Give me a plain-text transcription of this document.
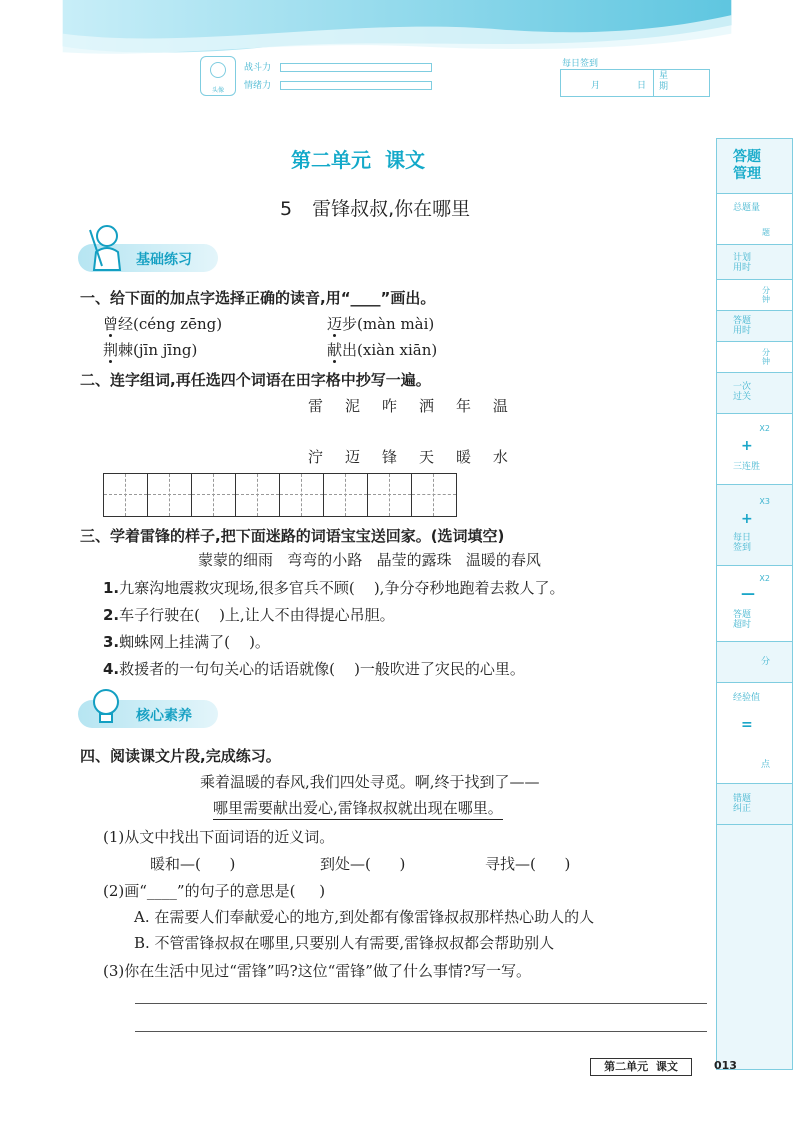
头像
战斗力
情绪力
每日签到
月	日
星期
第二单元  课文
5 雷锋叔叔,你在哪里
基础练习
一、给下面的加点字选择正确的读音,用“____”画出。
曾经(céng zēng)	迈步(màn mài)
荆棘(jīn jīng)	献出(xiàn xiān)
二、连字组词,再任选四个词语在田字格中抄写一遍。
雷 泥 咋 洒 年 温
泞 迈 锋 天 暖 水
三、学着雷锋的样子,把下面迷路的词语宝宝送回家。(选词填空)
蒙蒙的细雨   弯弯的小路   晶莹的露珠   温暖的春风
1.九寨沟地震救灾现场,很多官兵不顾(    ),争分夺秒地跑着去救人了。
2.车子行驶在(    )上,让人不由得提心吊胆。
3.蜘蛛网上挂满了(    )。
4.救援者的一句句关心的话语就像(    )一般吹进了灾民的心里。
核心素养
四、阅读课文片段,完成练习。
乘着温暖的春风,我们四处寻觅。啊,终于找到了——
哪里需要献出爱心,雷锋叔叔就出现在哪里。
(1)从文中找出下面词语的近义词。
暖和—(      )	到处—(      )	寻找—(      )
(2)画“____”的句子的意思是(     )
A. 在需要人们奉献爱心的地方,到处都有像雷锋叔叔那样热心助人的人
B. 不管雷锋叔叔在哪里,只要别人有需要,雷锋叔叔都会帮助别人
(3)你在生活中见过“雷锋”吗?这位“雷锋”做了什么事情?写一写。
答题
管理
总题量
题
计划
用时
分
钟
答题
用时
分
钟
一次
过关
X2
+
三连胜
X3
+
每日
签到
X2
—
答题
超时
分
经验值
=
点
错题
纠正
第二单元  课文	013
